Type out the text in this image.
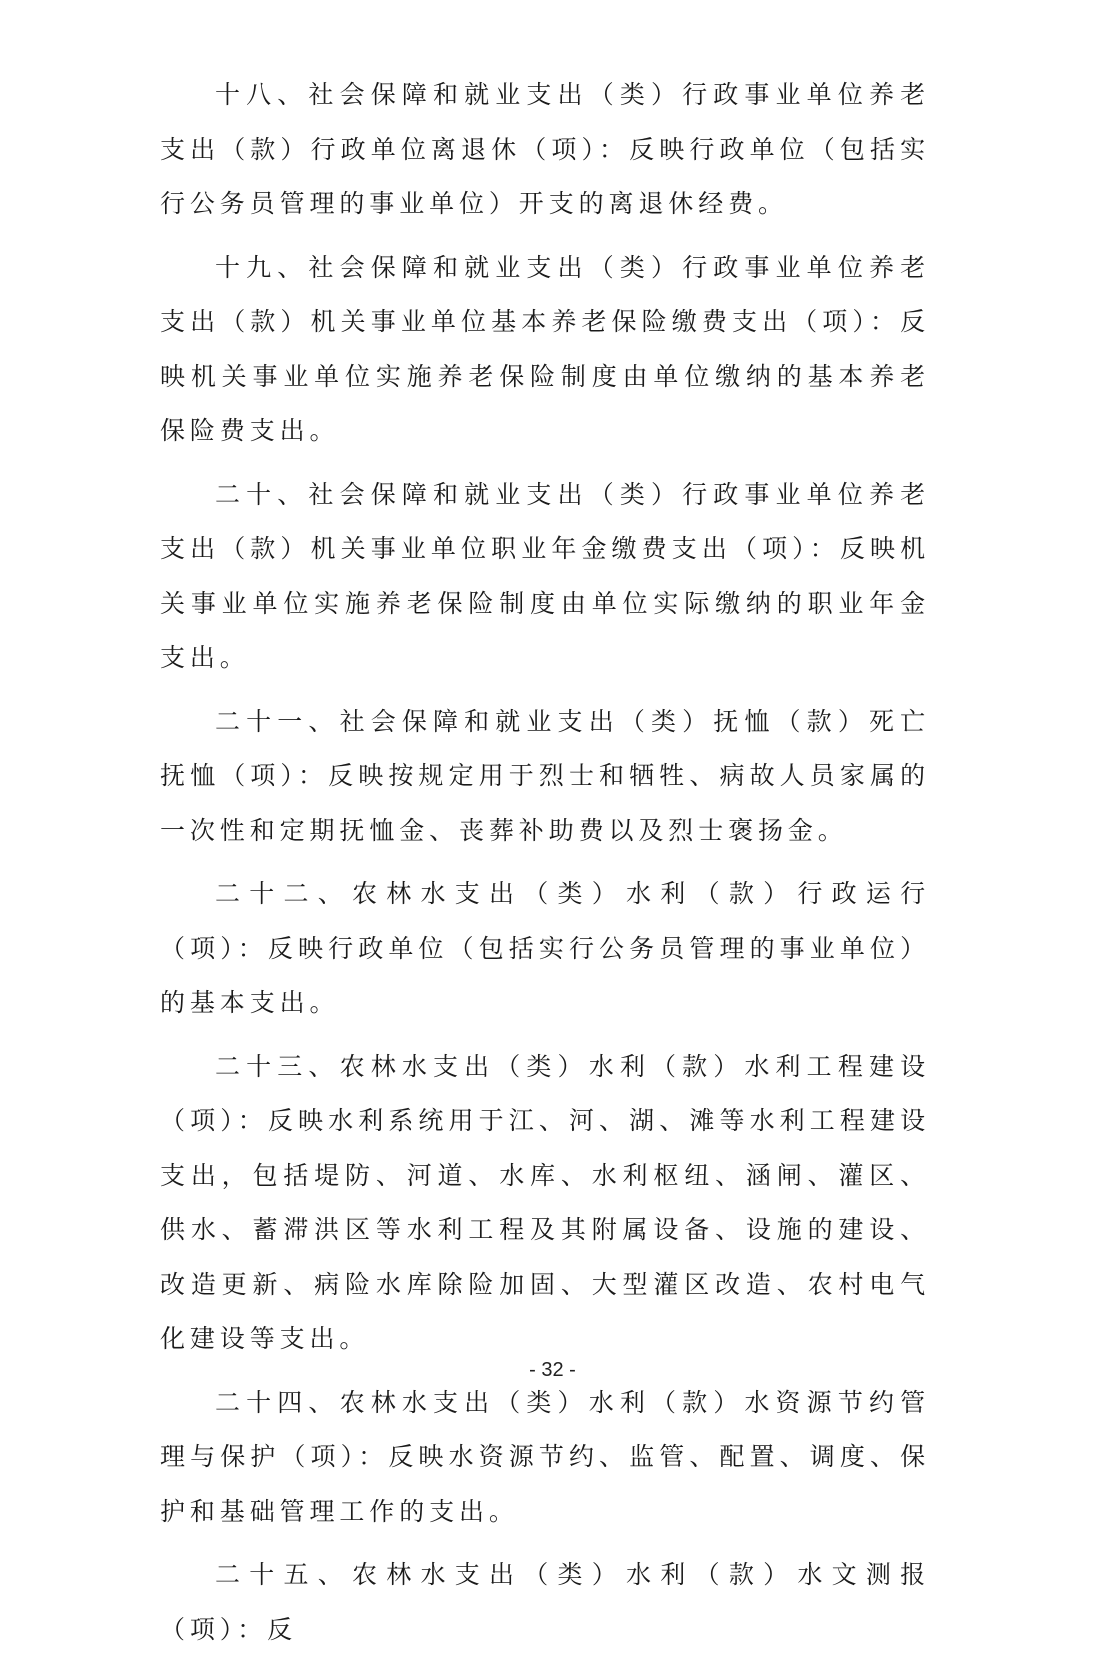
十八、社会保障和就业支出（类）行政事业单位养老支出（款）行政单位离退休（项）：反映行政单位（包括实行公务员管理的事业单位）开支的离退休经费。

十九、社会保障和就业支出（类）行政事业单位养老支出（款）机关事业单位基本养老保险缴费支出（项）：反映机关事业单位实施养老保险制度由单位缴纳的基本养老保险费支出。

二十、社会保障和就业支出（类）行政事业单位养老支出（款）机关事业单位职业年金缴费支出（项）：反映机关事业单位实施养老保险制度由单位实际缴纳的职业年金支出。

二十一、社会保障和就业支出（类）抚恤（款）死亡抚恤（项）：反映按规定用于烈士和牺牲、病故人员家属的一次性和定期抚恤金、丧葬补助费以及烈士褒扬金。

二十二、农林水支出（类）水利（款）行政运行（项）：反映行政单位（包括实行公务员管理的事业单位）的基本支出。

二十三、农林水支出（类）水利（款）水利工程建设（项）：反映水利系统用于江、河、湖、滩等水利工程建设支出，包括堤防、河道、水库、水利枢纽、涵闸、灌区、供水、蓄滞洪区等水利工程及其附属设备、设施的建设、改造更新、病险水库除险加固、大型灌区改造、农村电气化建设等支出。

二十四、农林水支出（类）水利（款）水资源节约管理与保护（项）：反映水资源节约、监管、配置、调度、保护和基础管理工作的支出。

二十五、农林水支出（类）水利（款）水文测报（项）：反

- 32 -
